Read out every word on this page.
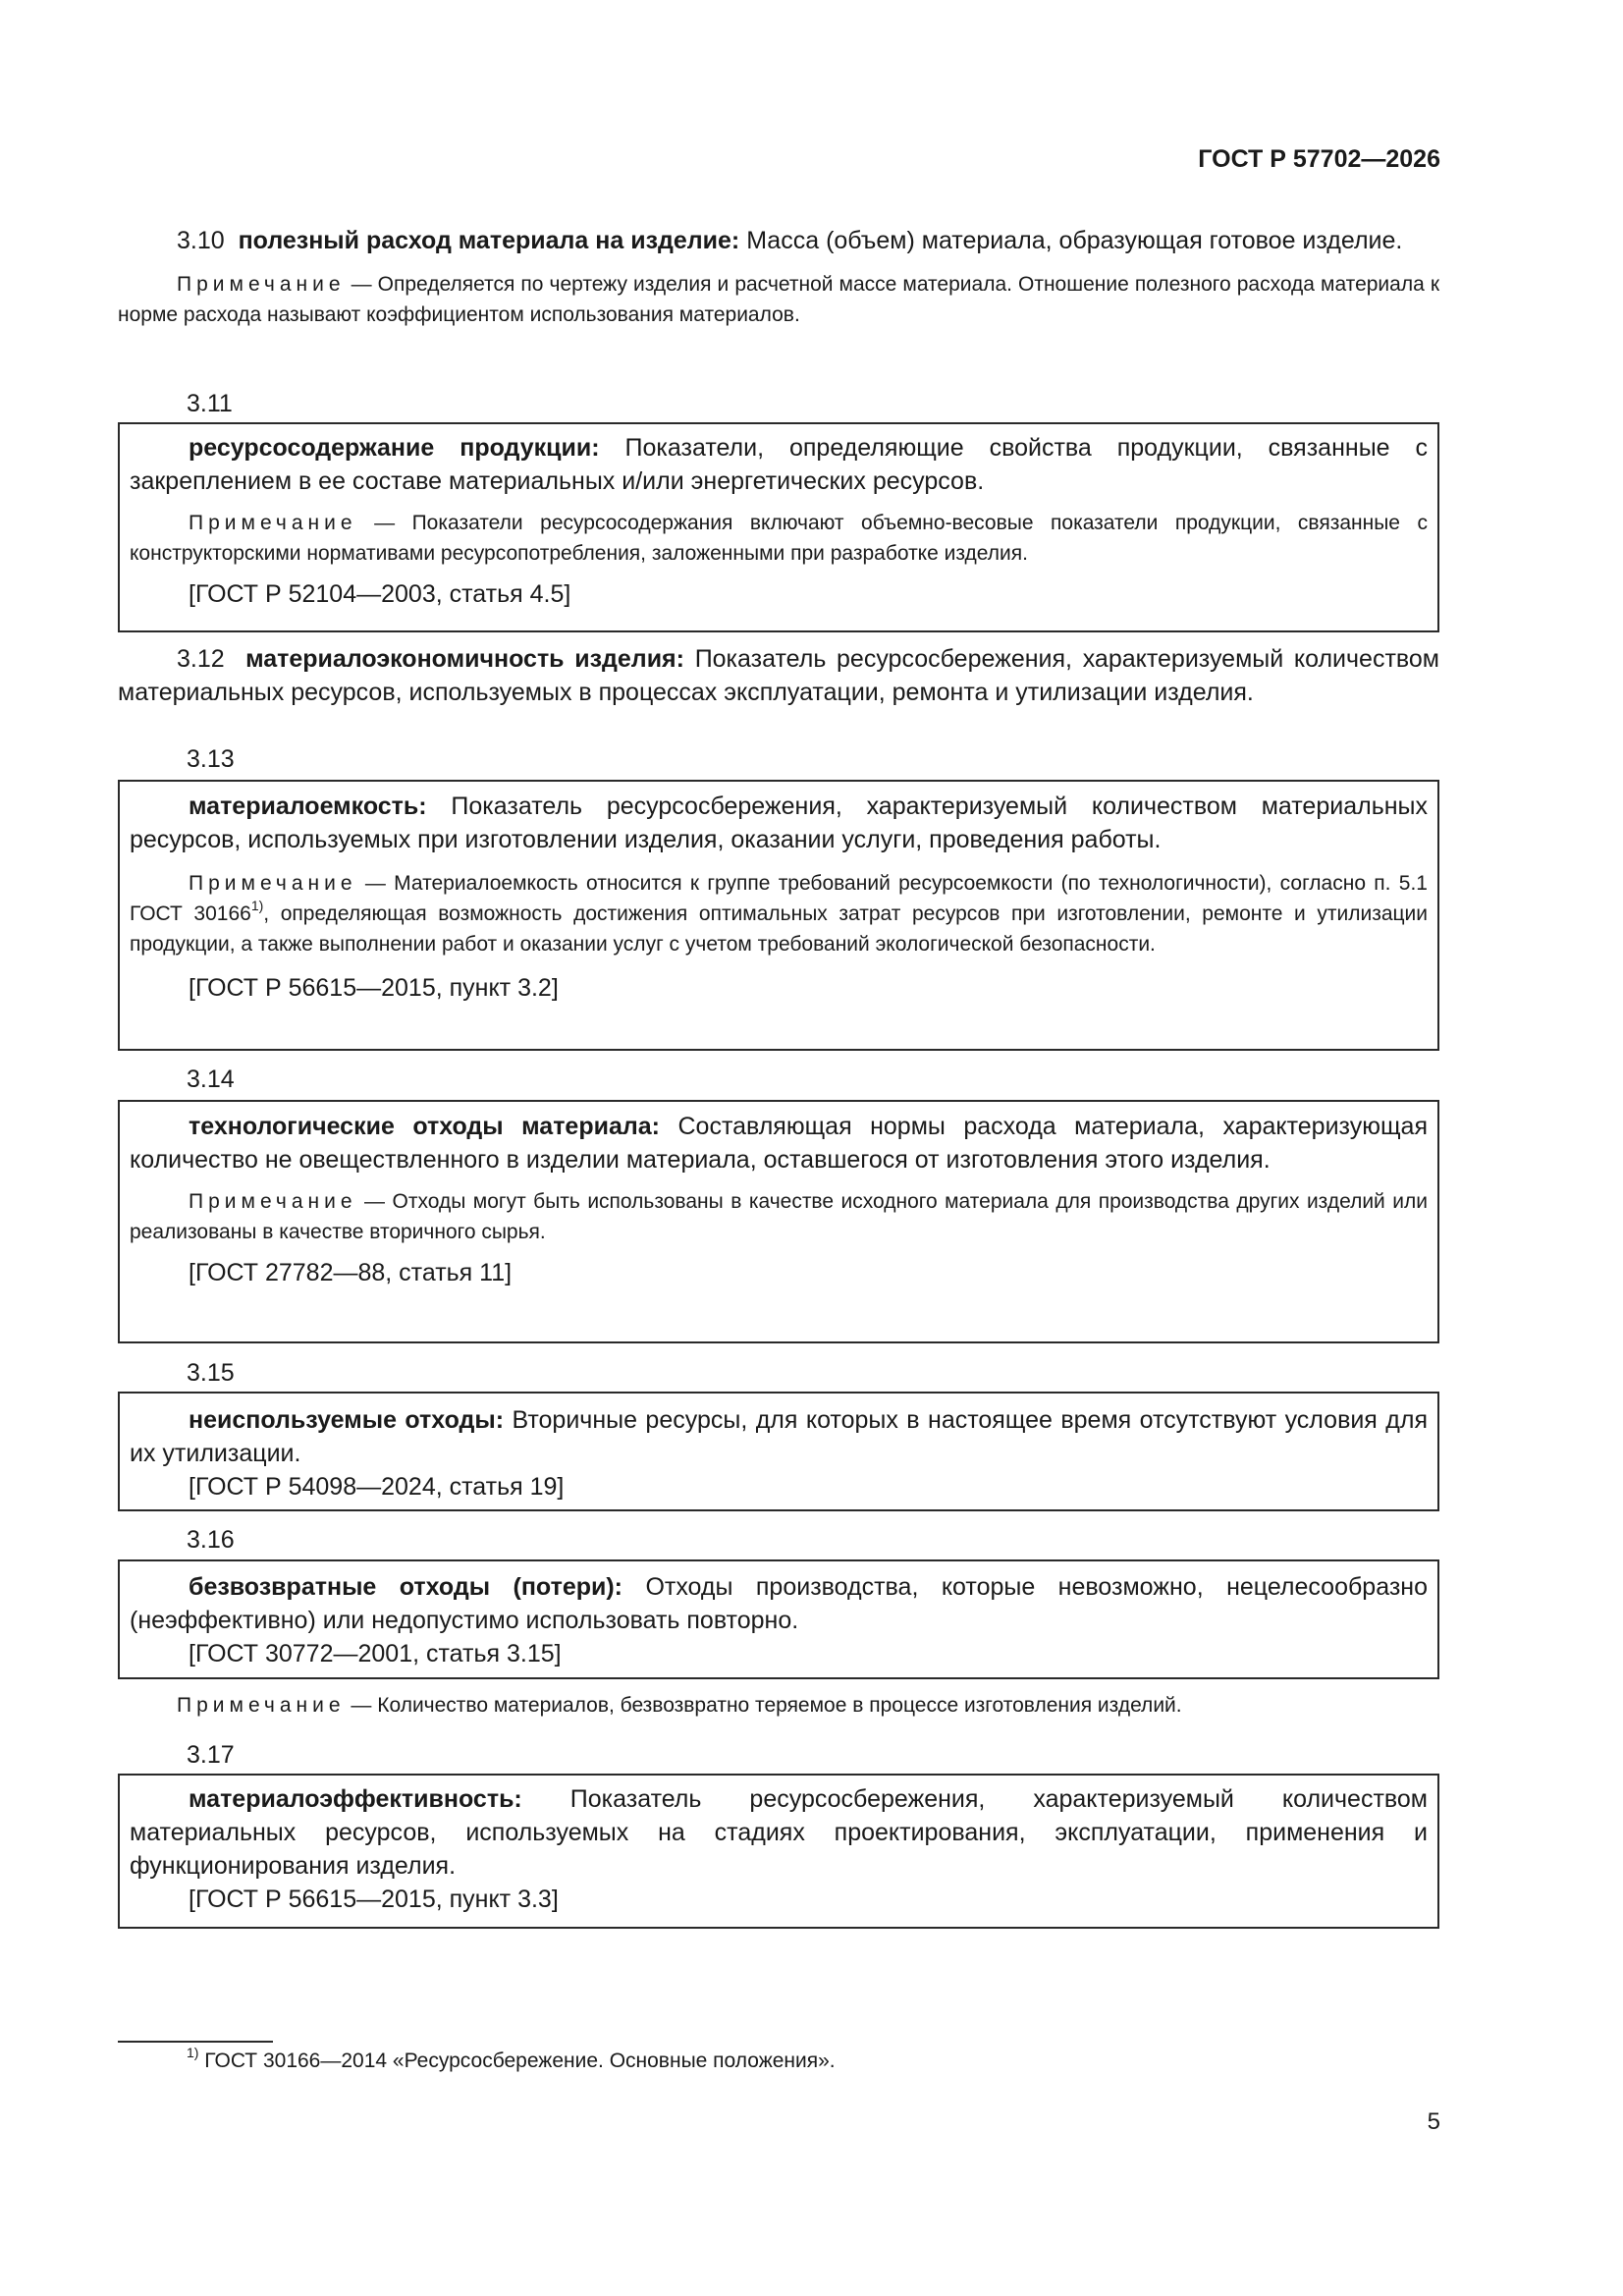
ГОСТ Р 57702—2026

3.10 полезный расход материала на изделие: Масса (объем) материала, образующая готовое изделие.

Примечание — Определяется по чертежу изделия и расчетной массе материала. Отношение полезного расхода материала к норме расхода называют коэффициентом использования материалов.

3.11

ресурсосодержание продукции: Показатели, определяющие свойства продукции, связанные с закреплением в ее составе материальных и/или энергетических ресурсов.

Примечание — Показатели ресурсосодержания включают объемно-весовые показатели продукции, связанные с конструкторскими нормативами ресурсопотребления, заложенными при разработке изделия.

[ГОСТ Р 52104—2003, статья 4.5]

3.12 материалоэкономичность изделия: Показатель ресурсосбережения, характеризуемый количеством материальных ресурсов, используемых в процессах эксплуатации, ремонта и утилизации изделия.

3.13

материалоемкость: Показатель ресурсосбережения, характеризуемый количеством материальных ресурсов, используемых при изготовлении изделия, оказании услуги, проведения работы.

Примечание — Материалоемкость относится к группе требований ресурсоемкости (по технологичности), согласно п. 5.1 ГОСТ 30166$^{1)}$, определяющая возможность достижения оптимальных затрат ресурсов при изготовлении, ремонте и утилизации продукции, а также выполнении работ и оказании услуг с учетом требований экологической безопасности.

[ГОСТ Р 56615—2015, пункт 3.2]

3.14

технологические отходы материала: Составляющая нормы расхода материала, характеризующая количество не овеществленного в изделии материала, оставшегося от изготовления этого изделия.

Примечание — Отходы могут быть использованы в качестве исходного материала для производства других изделий или реализованы в качестве вторичного сырья.

[ГОСТ 27782—88, статья 11]

3.15

неиспользуемые отходы: Вторичные ресурсы, для которых в настоящее время отсутствуют условия для их утилизации.

[ГОСТ Р 54098—2024, статья 19]

3.16

безвозвратные отходы (потери): Отходы производства, которые невозможно, нецелесообразно (неэффективно) или недопустимо использовать повторно.

[ГОСТ 30772—2001, статья 3.15]

Примечание — Количество материалов, безвозвратно теряемое в процессе изготовления изделий.

3.17

материалоэффективность: Показатель ресурсосбережения, характеризуемый количеством материальных ресурсов, используемых на стадиях проектирования, эксплуатации, применения и функционирования изделия.

[ГОСТ Р 56615—2015, пункт 3.3]

$^{1)}$ ГОСТ 30166—2014 «Ресурсосбережение. Основные положения».
5
